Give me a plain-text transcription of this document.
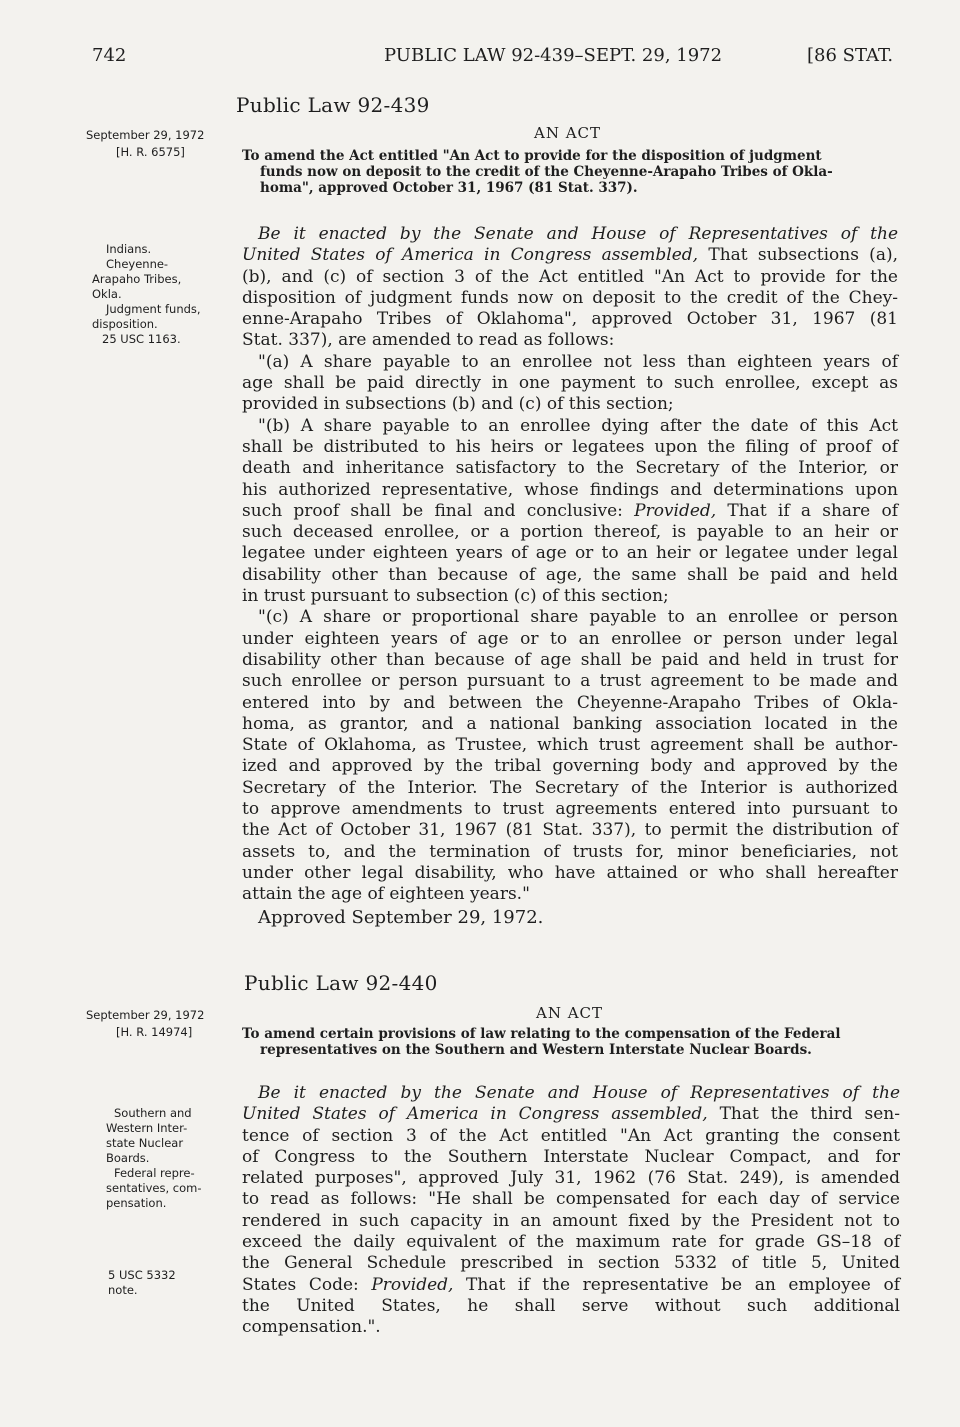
742	PUBLIC LAW 92-439–SEPT. 29, 1972	[86 STAT.
Public Law 92-439
September 29, 1972
[H. R. 6575]
AN ACT
To amend the Act entitled "An Act to provide for the disposition of judgment
funds now on deposit to the credit of the Cheyenne-Arapaho Tribes of Okla-
homa", approved October 31, 1967 (81 Stat. 337).
Indians.
Cheyenne-
Arapaho Tribes,
Okla.
Judgment funds,
disposition.
25 USC 1163.
Be it enacted by the Senate and House of Representatives of the
United States of America in Congress assembled, That subsections (a),
(b), and (c) of section 3 of the Act entitled "An Act to provide for the
disposition of judgment funds now on deposit to the credit of the Chey-
enne-Arapaho Tribes of Oklahoma", approved October 31, 1967 (81
Stat. 337), are amended to read as follows:
"(a) A share payable to an enrollee not less than eighteen years of
age shall be paid directly in one payment to such enrollee, except as
provided in subsections (b) and (c) of this section;
"(b) A share payable to an enrollee dying after the date of this Act
shall be distributed to his heirs or legatees upon the filing of proof of
death and inheritance satisfactory to the Secretary of the Interior, or
his authorized representative, whose findings and determinations upon
such proof shall be final and conclusive: Provided, That if a share of
such deceased enrollee, or a portion thereof, is payable to an heir or
legatee under eighteen years of age or to an heir or legatee under legal
disability other than because of age, the same shall be paid and held
in trust pursuant to subsection (c) of this section;
"(c) A share or proportional share payable to an enrollee or person
under eighteen years of age or to an enrollee or person under legal
disability other than because of age shall be paid and held in trust for
such enrollee or person pursuant to a trust agreement to be made and
entered into by and between the Cheyenne-Arapaho Tribes of Okla-
homa, as grantor, and a national banking association located in the
State of Oklahoma, as Trustee, which trust agreement shall be author-
ized and approved by the tribal governing body and approved by the
Secretary of the Interior. The Secretary of the Interior is authorized
to approve amendments to trust agreements entered into pursuant to
the Act of October 31, 1967 (81 Stat. 337), to permit the distribution of
assets to, and the termination of trusts for, minor beneficiaries, not
under other legal disability, who have attained or who shall hereafter
attain the age of eighteen years."
Approved September 29, 1972.
Public Law 92-440
September 29, 1972
[H. R. 14974]
AN ACT
To amend certain provisions of law relating to the compensation of the Federal
representatives on the Southern and Western Interstate Nuclear Boards.
Southern and
Western Inter-
state Nuclear
Boards.
Federal repre-
sentatives, com-
pensation.
5 USC 5332
note.
Be it enacted by the Senate and House of Representatives of the
United States of America in Congress assembled, That the third sen-
tence of section 3 of the Act entitled "An Act granting the consent
of Congress to the Southern Interstate Nuclear Compact, and for
related purposes", approved July 31, 1962 (76 Stat. 249), is amended
to read as follows: "He shall be compensated for each day of service
rendered in such capacity in an amount fixed by the President not to
exceed the daily equivalent of the maximum rate for grade GS–18 of
the General Schedule prescribed in section 5332 of title 5, United
States Code: Provided, That if the representative be an employee of
the United States, he shall serve without such additional
compensation.".
